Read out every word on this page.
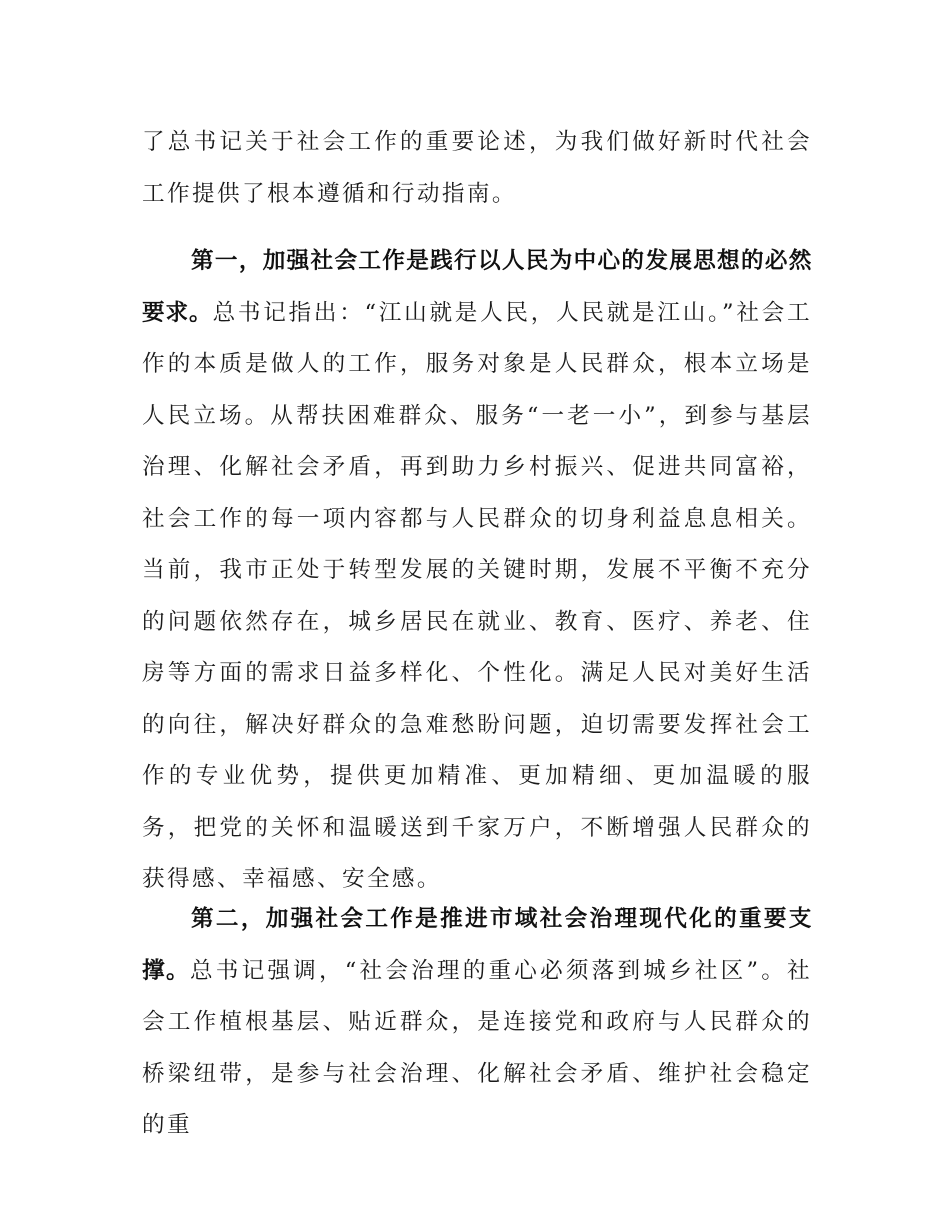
了总书记关于社会工作的重要论述，为我们做好新时代社会工作提供了根本遵循和行动指南。

第一，加强社会工作是践行以人民为中心的发展思想的必然要求。总书记指出：“江山就是人民，人民就是江山。”社会工作的本质是做人的工作，服务对象是人民群众，根本立场是人民立场。从帮扶困难群众、服务“一老一小”，到参与基层治理、化解社会矛盾，再到助力乡村振兴、促进共同富裕，社会工作的每一项内容都与人民群众的切身利益息息相关。当前，我市正处于转型发展的关键时期，发展不平衡不充分的问题依然存在，城乡居民在就业、教育、医疗、养老、住房等方面的需求日益多样化、个性化。满足人民对美好生活的向往，解决好群众的急难愁盼问题，迫切需要发挥社会工作的专业优势，提供更加精准、更加精细、更加温暖的服务，把党的关怀和温暖送到千家万户，不断增强人民群众的获得感、幸福感、安全感。

第二，加强社会工作是推进市域社会治理现代化的重要支撑。总书记强调，“社会治理的重心必须落到城乡社区”。社会工作植根基层、贴近群众，是连接党和政府与人民群众的桥梁纽带，是参与社会治理、化解社会矛盾、维护社会稳定的重
